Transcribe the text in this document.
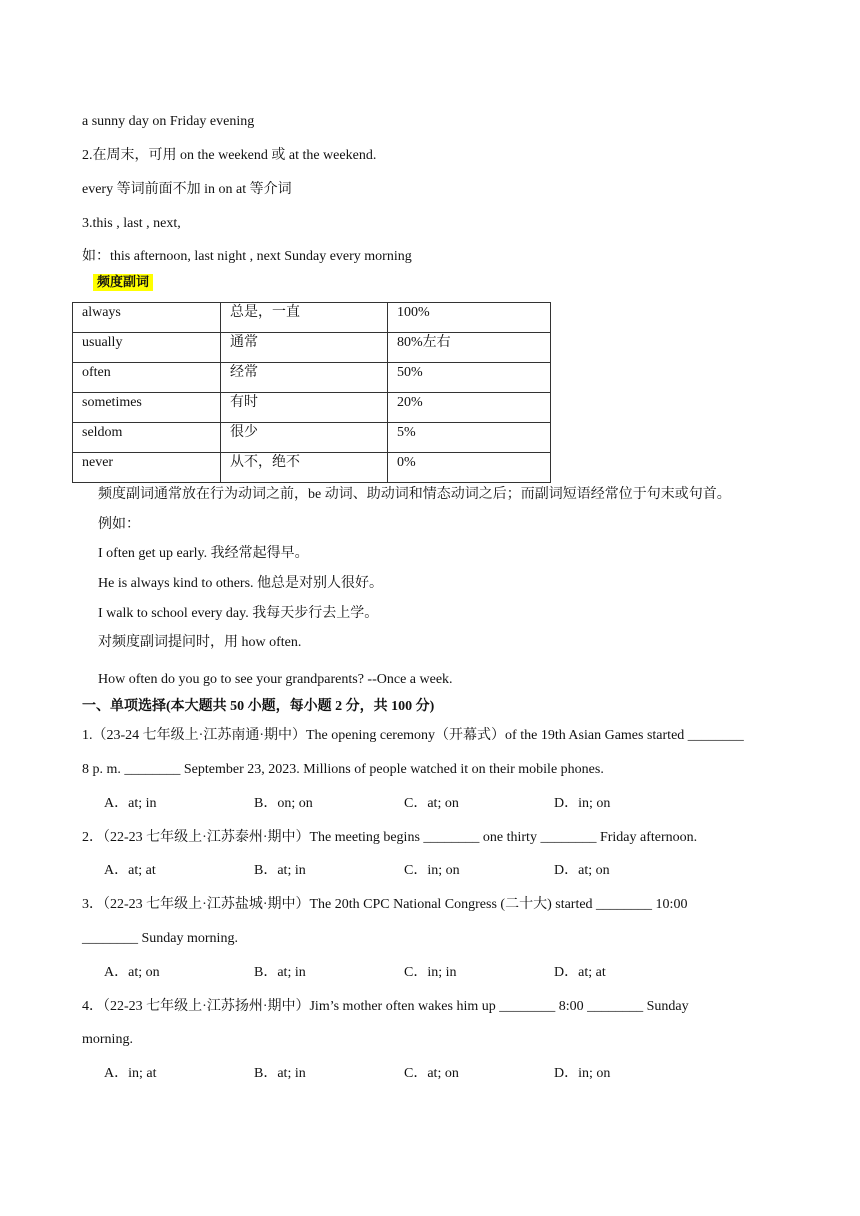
a sunny day on Friday evening
2.在周末，可用 on the weekend 或 at the weekend.
every 等词前面不加 in on at 等介词
3.this , last , next,
如：this afternoon, last night , next Sunday every morning
频度副词
always	总是，一直	100%
usually	通常	80%左右
often	经常	50%
sometimes	有时	20%
seldom	很少	5%
never	从不，绝不	0%
频度副词通常放在行为动词之前，be 动词、助动词和情态动词之后；而副词短语经常位于句末或句首。
例如：
I often get up early. 我经常起得早。
He is always kind to others. 他总是对别人很好。
I walk to school every day. 我每天步行去上学。
对频度副词提问时，用 how often.
How often do you go to see your grandparents? --Once a week.
一、单项选择(本大题共 50 小题，每小题 2 分，共 100 分)
1.（23-24 七年级上·江苏南通·期中）The opening ceremony（开幕式）of the 19th Asian Games started ________
8 p. m. ________ September 23, 2023. Millions of people watched it on their mobile phones.
A．at; in	B．on; on	C．at; on	D．in; on
2．（22-23 七年级上·江苏泰州·期中）The meeting begins ________ one thirty ________ Friday afternoon.
A．at; at	B．at; in	C．in; on	D．at; on
3．（22-23 七年级上·江苏盐城·期中）The 20th CPC National Congress (二十大) started ________ 10:00
________ Sunday morning.
A．at; on	B．at; in	C．in; in	D．at; at
4．（22-23 七年级上·江苏扬州·期中）Jim’s mother often wakes him up ________ 8:00 ________ Sunday
morning.
A．in; at	B．at; in	C．at; on	D．in; on
